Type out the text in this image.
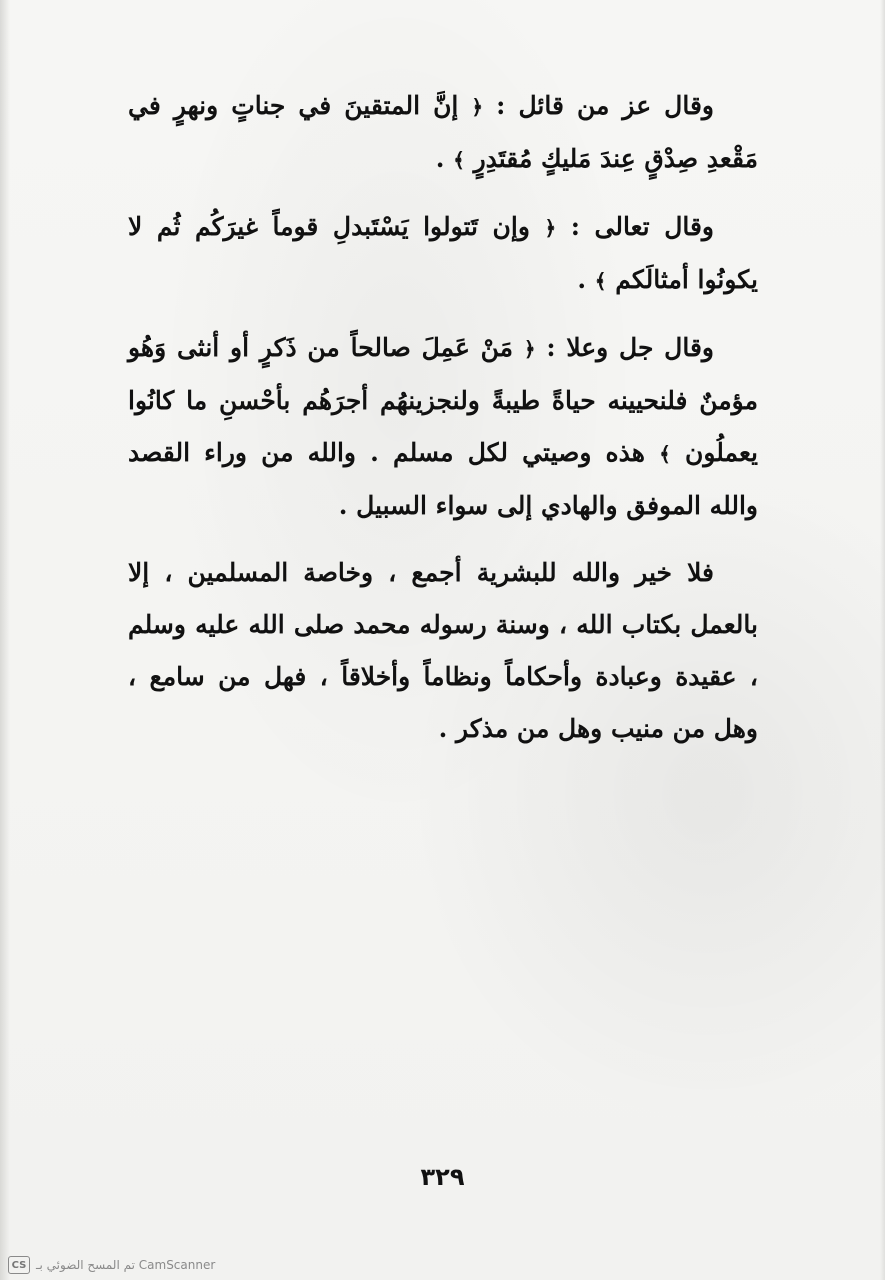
وقال عز من قائل : ﴿ إنَّ المتقينَ في جناتٍ ونهرٍ في مَقْعدِ صِدْقٍ عِندَ مَليكٍ مُقتَدِرٍ ﴾ .

وقال تعالى : ﴿ وإن تَتولوا يَسْتَبدلِ قوماً غيرَكُم ثُم لا يكونُوا أمثالَكم ﴾ .

وقال جل وعلا : ﴿ مَنْ عَمِلَ صالحاً من ذَكرٍ أو أنثى وَهُو مؤمنٌ فلنحيينه حياةً طيبةً ولنجزينهُم أجرَهُم بأحْسنِ ما كانُوا يعملُون ﴾ هذه وصيتي لكل مسلم . والله من وراء القصد والله الموفق والهادي إلى سواء السبيل .

فلا خير والله للبشرية أجمع ، وخاصة المسلمين ، إلا بالعمل بكتاب الله ، وسنة رسوله محمد صلى الله عليه وسلم ، عقيدة وعبادة وأحكاماً ونظاماً وأخلاقاً ، فهل من سامع ، وهل من منيب وهل من مذكر .

٣٢٩
CS تم المسح الضوئي بـ CamScanner
